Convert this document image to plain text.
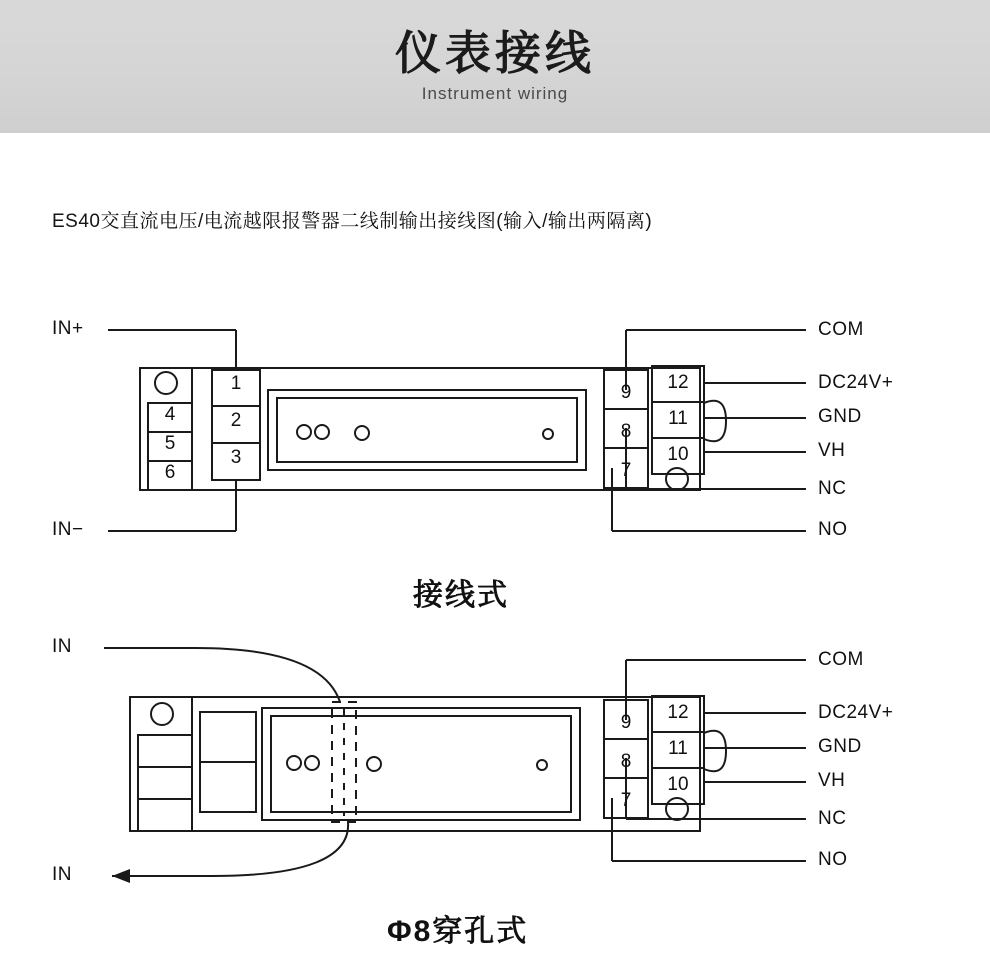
仪表接线
Instrument wiring
ES40交直流电压/电流越限报警器二线制输出接线图(输入/输出两隔离)
IN+
IN−
4
5
6
1
2
3
9
8
7
12
11
10
COM
DC24V+
GND
VH
NC
NO
接线式
IN
IN
9
8
7
12
11
10
COM
DC24V+
GND
VH
NC
NO
Φ8穿孔式
